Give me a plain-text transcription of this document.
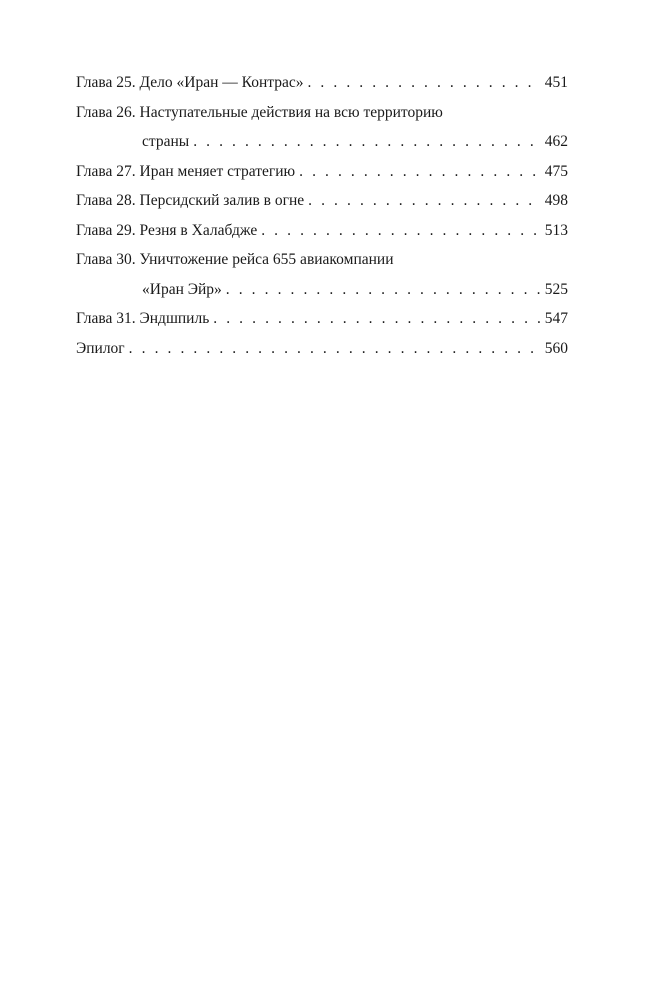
Глава 25. Дело «Иран — Контрас» . . .	451
Глава 26. Наступательные действия на всю территорию
страны . . .	462
Глава 27. Иран меняет стратегию . . .	475
Глава 28. Персидский залив в огне . . .	498
Глава 29. Резня в Халабдже . . .	513
Глава 30. Уничтожение рейса 655 авиакомпании
«Иран Эйр» . . .	525
Глава 31. Эндшпиль . . .	547
Эпилог . . .	560
